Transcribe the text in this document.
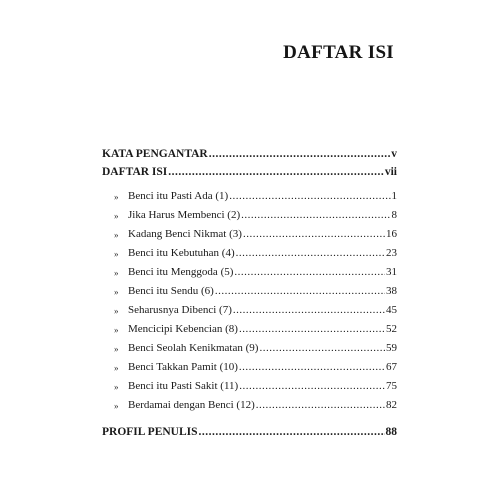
DAFTAR ISI
KATA PENGANTAR .....	v
DAFTAR ISI .....	vii
» Benci itu Pasti Ada (1) .....	1
» Jika Harus Membenci (2) .....	8
» Kadang Benci Nikmat (3) .....	16
» Benci itu Kebutuhan (4) .....	23
» Benci itu Menggoda (5) .....	31
» Benci itu Sendu (6) .....	38
» Seharusnya Dibenci (7) .....	45
» Mencicipi Kebencian (8) .....	52
» Benci Seolah Kenikmatan (9) .....	59
» Benci Takkan Pamit (10) .....	67
» Benci itu Pasti Sakit (11) .....	75
» Berdamai dengan Benci (12) .....	82
PROFIL PENULIS .....	88
